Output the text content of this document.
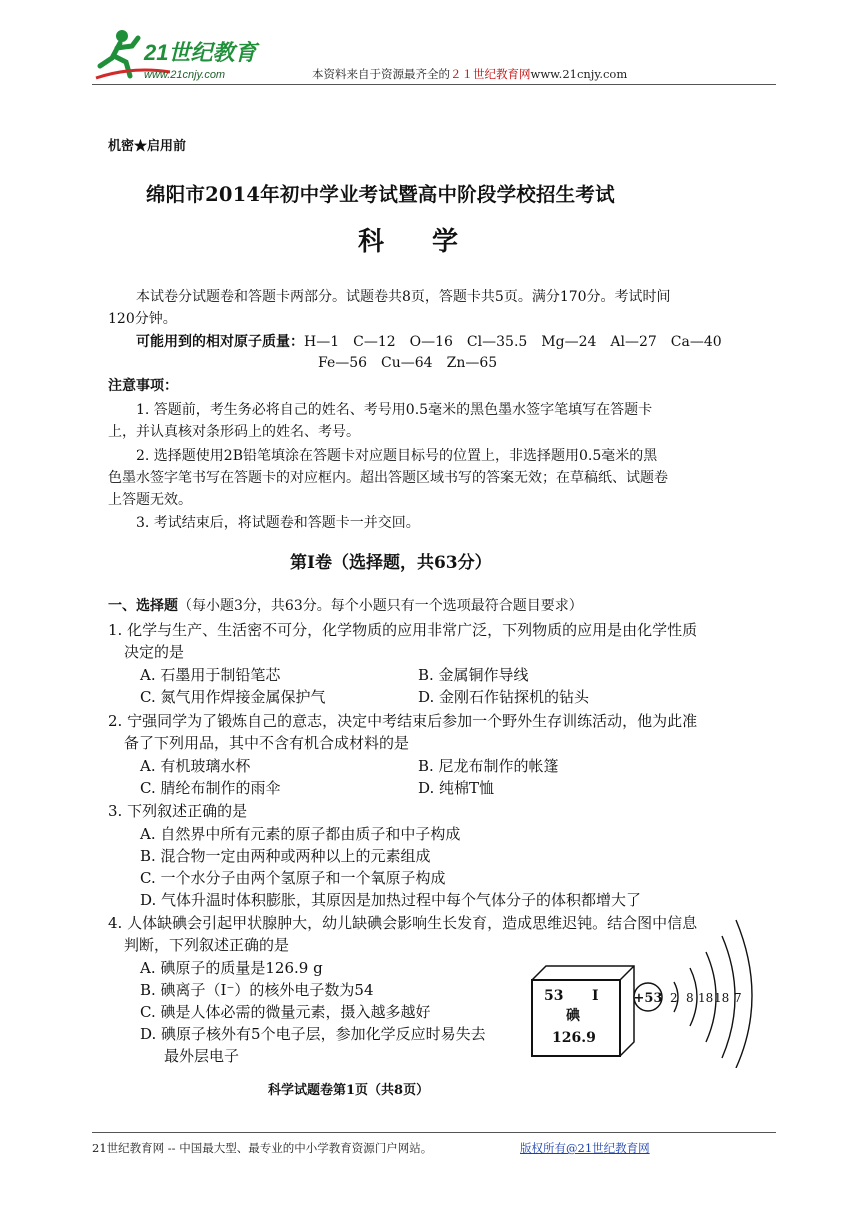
21世纪教育
www.21cnjy.com	本资料来自于资源最齐全的２１世纪教育网www.21cnjy.com
机密★启用前
绵阳市2014年初中学业考试暨高中阶段学校招生考试
科学
本试卷分试题卷和答题卡两部分。试题卷共8页，答题卡共5页。满分170分。考试时间
120分钟。
可能用到的相对原子质量：H—1　C—12　O—16　Cl—35.5　Mg—24　Al—27　Ca—40
Fe—56　Cu—64　Zn—65
注意事项：
1. 答题前，考生务必将自己的姓名、考号用0.5毫米的黑色墨水签字笔填写在答题卡
上，并认真核对条形码上的姓名、考号。
2. 选择题使用2B铅笔填涂在答题卡对应题目标号的位置上，非选择题用0.5毫米的黑
色墨水签字笔书写在答题卡的对应框内。超出答题区域书写的答案无效；在草稿纸、试题卷
上答题无效。
3. 考试结束后，将试题卷和答题卡一并交回。
第Ⅰ卷（选择题，共63分）
一、选择题（每小题3分，共63分。每个小题只有一个选项最符合题目要求）
1. 化学与生产、生活密不可分，化学物质的应用非常广泛，下列物质的应用是由化学性质
决定的是
A. 石墨用于制铅笔芯	B. 金属铜作导线
C. 氮气用作焊接金属保护气	D. 金刚石作钻探机的钻头
2. 宁强同学为了锻炼自己的意志，决定中考结束后参加一个野外生存训练活动，他为此准
备了下列用品，其中不含有机合成材料的是
A. 有机玻璃水杯	B. 尼龙布制作的帐篷
C. 腈纶布制作的雨伞	D. 纯棉T恤
3. 下列叙述正确的是
A. 自然界中所有元素的原子都由质子和中子构成
B. 混合物一定由两种或两种以上的元素组成
C. 一个水分子由两个氢原子和一个氧原子构成
D. 气体升温时体积膨胀，其原因是加热过程中每个气体分子的体积都增大了
4. 人体缺碘会引起甲状腺肿大，幼儿缺碘会影响生长发育，造成思维迟钝。结合图中信息
判断，下列叙述正确的是
A. 碘原子的质量是126.9 g
B. 碘离子（I⁻）的核外电子数为54
C. 碘是人体必需的微量元素，摄入越多越好
D. 碘原子核外有5个电子层，参加化学反应时易失去
最外层电子
53 I
碘
126.9
+53 2 8 18 18 7
科学试题卷第1页（共8页）
21世纪教育网 -- 中国最大型、最专业的中小学教育资源门户网站。	版权所有@21世纪教育网
